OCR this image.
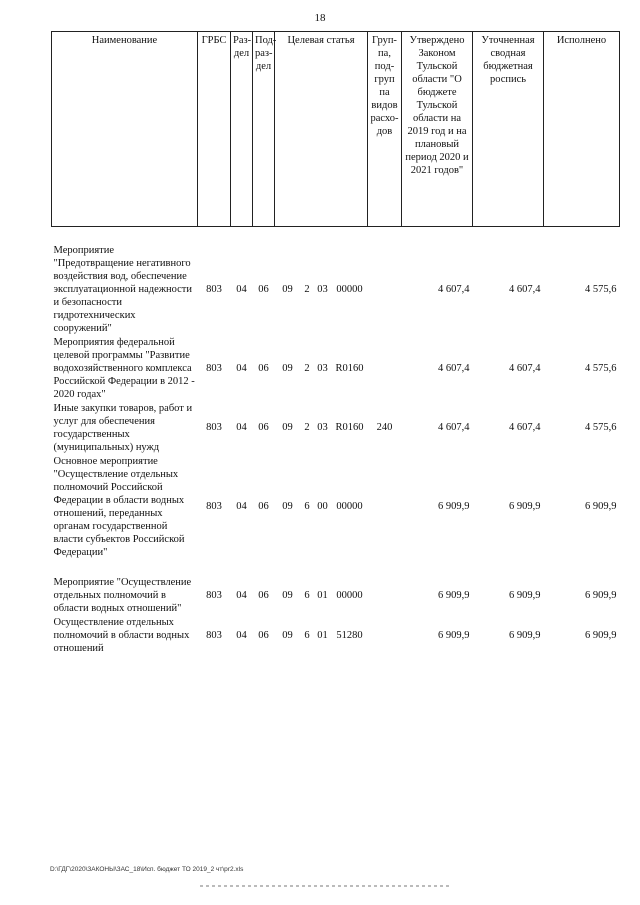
18
Наименование	ГРБС	Раз-дел	Под-раз-дел	Целевая статья				Груп-па, под-груп па видов расхо-дов	Утверждено Законом Тульской области "О бюджете Тульской области на 2019 год и на плановый период 2020 и 2021 годов"	Уточненная сводная бюджетная роспись	Исполнено

Мероприятие "Предотвращение негативного воздействия вод, обеспечение эксплуатационной надежности и безопасности гидротехнических сооружений"	803	04	06	09	2	03	00000		4 607,4	4 607,4	4 575,6
Мероприятия федеральной целевой программы "Развитие водохозяйственного комплекса Российской Федерации в 2012 - 2020 годах"	803	04	06	09	2	03	R0160		4 607,4	4 607,4	4 575,6
Иные закупки товаров, работ и услуг для обеспечения государственных (муниципальных) нужд	803	04	06	09	2	03	R0160	240	4 607,4	4 607,4	4 575,6
Основное мероприятие "Осуществление отдельных полномочий Российской Федерации в области водных отношений, переданных органам государственной власти субъектов Российской Федерации"	803	04	06	09	6	00	00000		6 909,9	6 909,9	6 909,9

Мероприятие "Осуществление отдельных полномочий в области водных отношений"	803	04	06	09	6	01	00000		6 909,9	6 909,9	6 909,9
Осуществление отдельных полномочий в области водных отношений	803	04	06	09	6	01	51280		6 909,9	6 909,9	6 909,9
D:\ГДГ\2020\ЗАКОНЫ\ЗАС_18\Исп. бюджет ТО 2019_2 чт\pr2.xls
